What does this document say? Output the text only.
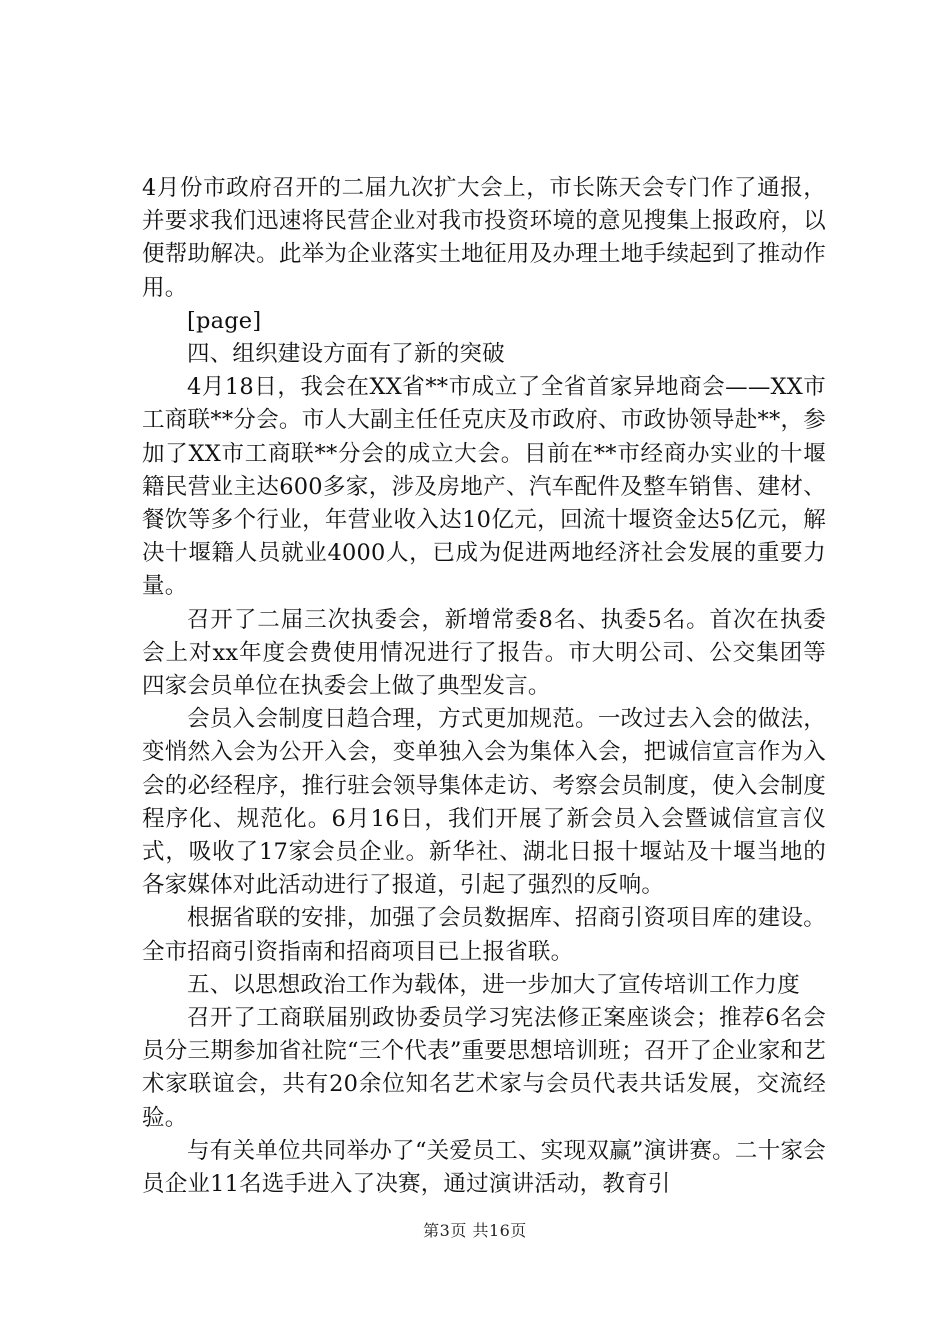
4月份市政府召开的二届九次扩大会上，市长陈天会专门作了通报，并要求我们迅速将民营企业对我市投资环境的意见搜集上报政府，以便帮助解决。此举为企业落实土地征用及办理土地手续起到了推动作用。

[page]

四、组织建设方面有了新的突破

4月18日，我会在XX省**市成立了全省首家异地商会——XX市工商联**分会。市人大副主任任克庆及市政府、市政协领导赴**，参加了XX市工商联**分会的成立大会。目前在**市经商办实业的十堰籍民营业主达600多家，涉及房地产、汽车配件及整车销售、建材、餐饮等多个行业，年营业收入达10亿元，回流十堰资金达5亿元，解决十堰籍人员就业4000人，已成为促进两地经济社会发展的重要力量。

召开了二届三次执委会，新增常委8名、执委5名。首次在执委会上对xx年度会费使用情况进行了报告。市大明公司、公交集团等四家会员单位在执委会上做了典型发言。

会员入会制度日趋合理，方式更加规范。一改过去入会的做法，变悄然入会为公开入会，变单独入会为集体入会，把诚信宣言作为入会的必经程序，推行驻会领导集体走访、考察会员制度，使入会制度程序化、规范化。6月16日，我们开展了新会员入会暨诚信宣言仪式，吸收了17家会员企业。新华社、湖北日报十堰站及十堰当地的各家媒体对此活动进行了报道，引起了强烈的反响。

根据省联的安排，加强了会员数据库、招商引资项目库的建设。全市招商引资指南和招商项目已上报省联。

五、以思想政治工作为载体，进一步加大了宣传培训工作力度

召开了工商联届别政协委员学习宪法修正案座谈会；推荐6名会员分三期参加省社院“三个代表”重要思想培训班；召开了企业家和艺术家联谊会，共有20余位知名艺术家与会员代表共话发展，交流经验。

与有关单位共同举办了“关爱员工、实现双赢”演讲赛。二十家会员企业11名选手进入了决赛，通过演讲活动，教育引

第3页 共16页
